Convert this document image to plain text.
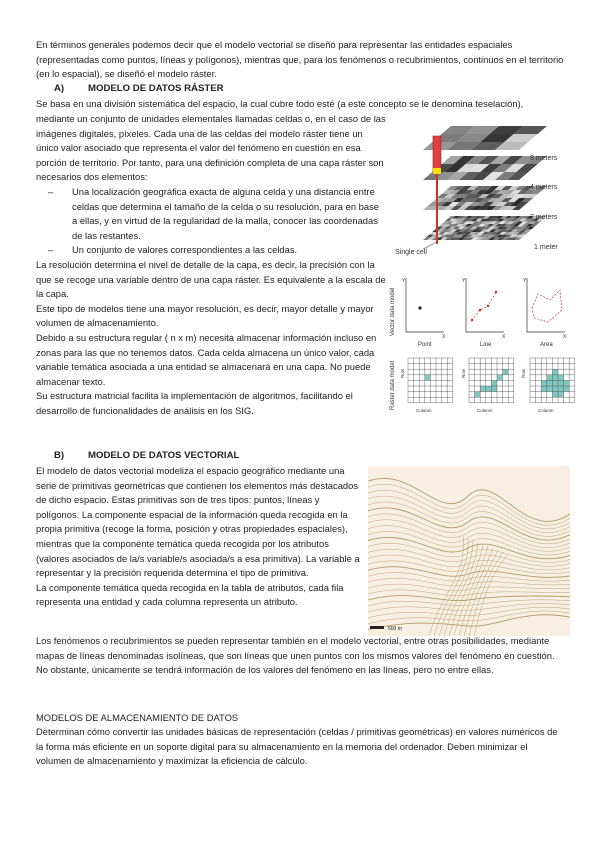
En términos generales podemos decir que el modelo vectorial se diseñó para representar las entidades espaciales (representadas como puntos, líneas y polígonos), mientras que, para los fenómenos o recubrimientos, continuos en el territorio (en lo espacial), se diseñó el modelo ráster.

A) MODELO DE DATOS RÁSTER

Se basa en una división sistemática del espacio, la cual cubre todo esté (a este concepto se le denomina teselación),

mediante un conjunto de unidades elementales llamadas celdas o, en el caso de las imágenes digitales, píxeles. Cada una de las celdas del modelo ráster tiene un único valor asociado que representa el valor del fenómeno en cuestión en esa porción de territorio. Por tanto, para una definición completa de una capa ráster son necesarios dos elementos:

– Una localización geográfica exacta de alguna celda y una distancia entre celdas que determina el tamaño de la celda o su resolución, para en base a ellas, y en virtud de la regularidad de la malla, conocer las coordenadas de las restantes.
– Un conjunto de valores correspondientes a las celdas.

La resolución determina el nivel de detalle de la capa, es decir, la precisión con la que se recoge una variable dentro de una capa ráster. Es equivalente a la escala de la capa.

Este tipo de modelos tiene una mayor resolución, es decir, mayor detalle y mayor volumen de almacenamiento.

Debido a su estructura regular ( n x m) necesita almacenar información incluso en zonas para las que no tenemos datos. Cada celda almacena un único valor, cada variable temática asociada a una entidad se almacenará en una capa. No puede almacenar texto.

Su estructura matricial facilita la implementación de algoritmos, facilitando el desarrollo de funcionalidades de análisis en los SIG.

8 meters
4 meters
2 meters
1 meter
Single cell
Vector data model
Raster data model
Y
X
Y
X
Y
X
Point	Line	Area
Row
Column
Row
Column
Row
Column
B) MODELO DE DATOS VECTORIAL

El modelo de datos vectorial modeliza el espacio geográfico mediante una serie de primitivas geométricas que contienen los elementos más destacados de dicho espacio. Estas primitivas son de tres tipos: puntos, líneas y polígonos. La componente espacial de la información queda recogida en la propia primitiva (recoge la forma, posición y otras propiedades espaciales), mientras que la componente temática queda recogida por los atributos (valores asociados de la/s variable/s asociada/s a esa primitiva). La variable a representar y la precisión requerida determina el tipo de primitiva.

La componente temática queda recogida en la tabla de atributos, cada fila representa una entidad y cada columna representa un atributo.

500 m

Los fenómenos o recubrimientos se pueden representar también en el modelo vectorial, entre otras posibilidades, mediante mapas de líneas denominadas isolíneas, que son líneas que unen puntos con los mismos valores del fenómeno en cuestión. No obstante, únicamente se tendrá información de los valores del fenómeno en las líneas, pero no entre ellas.

MODELOS DE ALMACENAMIENTO DE DATOS

Determinan cómo convertir las unidades básicas de representación (celdas / primitivas geométricas) en valores numéricos de la forma más eficiente en un soporte digital para su almacenamiento en la memoria del ordenador. Deben minimizar el volumen de almacenamiento y maximizar la eficiencia de cálculo.
